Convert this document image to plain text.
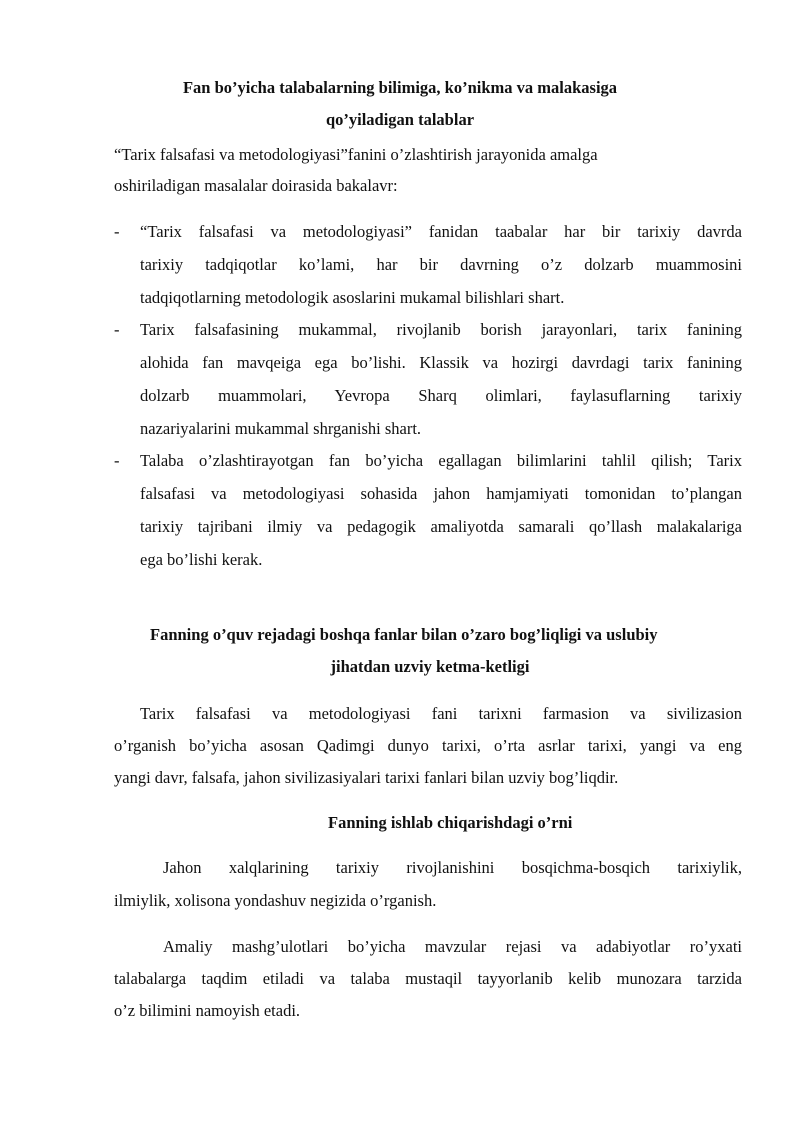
Fan bo’yicha talabalarning bilimiga, ko’nikma va malakasiga
qo’yiladigan talablar
“Tarix falsafasi va metodologiyasi”fanini o’zlashtirish jarayonida amalga
oshiriladigan masalalar doirasida bakalavr:
- “Tarix falsafasi va metodologiyasi” fanidan taabalar har bir tarixiy davrda
tarixiy tadqiqotlar ko’lami, har bir davrning o’z dolzarb muammosini
tadqiqotlarning metodologik asoslarini mukamal bilishlari shart.
- Tarix falsafasining mukammal, rivojlanib borish jarayonlari, tarix fanining
alohida fan mavqeiga ega bo’lishi. Klassik va hozirgi davrdagi tarix fanining
dolzarb muammolari, Yevropa Sharq olimlari, faylasuflarning tarixiy
nazariyalarini mukammal shrganishi shart.
- Talaba o’zlashtirayotgan fan bo’yicha egallagan bilimlarini tahlil qilish; Tarix
falsafasi va metodologiyasi sohasida jahon hamjamiyati tomonidan to’plangan
tarixiy tajribani ilmiy va pedagogik amaliyotda samarali qo’llash malakalariga
ega bo’lishi kerak.
Fanning o’quv rejadagi boshqa fanlar bilan o’zaro bog’liqligi va uslubiy
jihatdan uzviy ketma-ketligi
Tarix falsafasi va metodologiyasi fani tarixni farmasion va sivilizasion
o’rganish bo’yicha asosan Qadimgi dunyo tarixi, o’rta asrlar tarixi, yangi va eng
yangi davr, falsafa, jahon sivilizasiyalari tarixi fanlari bilan uzviy bog’liqdir.
Fanning ishlab chiqarishdagi o’rni
Jahon xalqlarining tarixiy rivojlanishini bosqichma-bosqich tarixiylik,
ilmiylik, xolisona yondashuv negizida o’rganish.
Amaliy mashg’ulotlari bo’yicha mavzular rejasi va adabiyotlar ro’yxati
talabalarga taqdim etiladi va talaba mustaqil tayyorlanib kelib munozara tarzida
o’z bilimini namoyish etadi.
